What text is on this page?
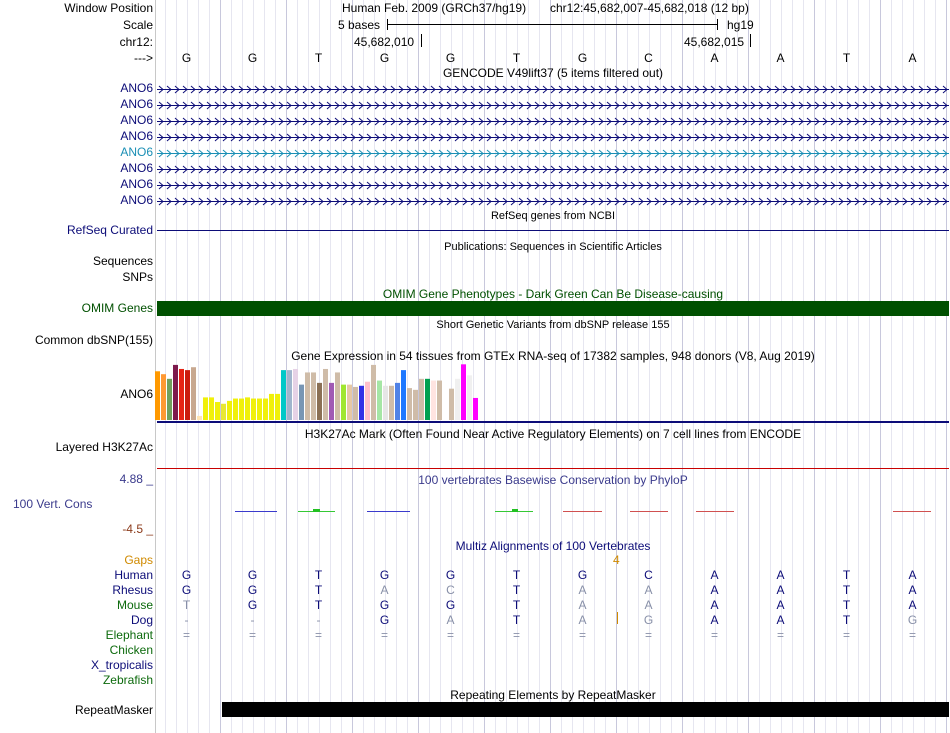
Window Position
Scale
chr12:
--->
Human Feb. 2009 (GRCh37/hg19) chr12:45,682,007-45,682,018 (12 bp)
5 bases	hg19
45,682,010	45,682,015
G	G	T	G	G	T	G	C	A	A	T	A
GENCODE V49lift37 (5 items filtered out)
ANO6
ANO6
ANO6
ANO6
ANO6
ANO6
ANO6
ANO6
RefSeq genes from NCBI
RefSeq Curated
Publications: Sequences in Scientific Articles
Sequences
SNPs
OMIM Gene Phenotypes - Dark Green Can Be Disease-causing
OMIM Genes
Short Genetic Variants from dbSNP release 155
Common dbSNP(155)
Gene Expression in 54 tissues from GTEx RNA-seq of 17382 samples, 948 donors (V8, Aug 2019)
ANO6
H3K27Ac Mark (Often Found Near Active Regulatory Elements) on 7 cell lines from ENCODE
Layered H3K27Ac
100 vertebrates Basewise Conservation by PhyloP
4.88 _
100 Vert. Cons
-4.5 _
Multiz Alignments of 100 Vertebrates
Gaps	4
Human	G	G	T	G	G	T	G	C	A	A	T	A
Rhesus	G	G	T	A	C	T	A	A	A	A	T	A
Mouse	T	G	T	G	G	T	A	A	A	A	T	A
Dog	-	-	-	G	A	T	A	G	A	A	T	G
Elephant	=	=	=	=	=	=	=	=	=	=	=	=
Chicken
X_tropicalis
Zebrafish
Repeating Elements by RepeatMasker
RepeatMasker
